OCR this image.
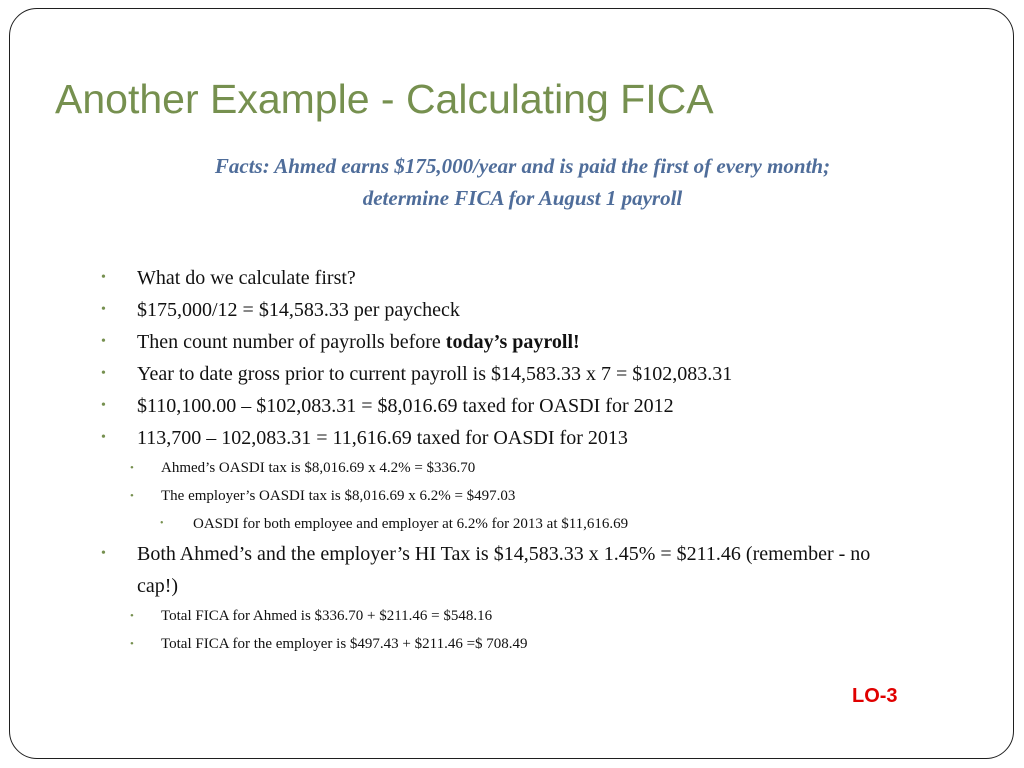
Another Example - Calculating FICA
Facts: Ahmed earns $175,000/year and is paid the first of every month;
determine FICA for August 1 payroll
• What do we calculate first?
• $175,000/12 = $14,583.33 per paycheck
• Then count number of payrolls before today’s payroll!
• Year to date gross prior to current payroll is $14,583.33 x 7 = $102,083.31
• $110,100.00 – $102,083.31 = $8,016.69 taxed for OASDI for 2012
• 113,700 – 102,083.31 = 11,616.69 taxed for OASDI for 2013
• Ahmed’s OASDI tax is $8,016.69 x 4.2% = $336.70
• The employer’s OASDI tax is $8,016.69 x 6.2% = $497.03
• OASDI for both employee and employer at 6.2% for 2013 at $11,616.69
• Both Ahmed’s and the employer’s HI Tax is $14,583.33 x 1.45% = $211.46 (remember - no cap!)
• Total FICA for Ahmed is $336.70 + $211.46 = $548.16
• Total FICA for the employer is $497.43 + $211.46 =$ 708.49
LO-3
